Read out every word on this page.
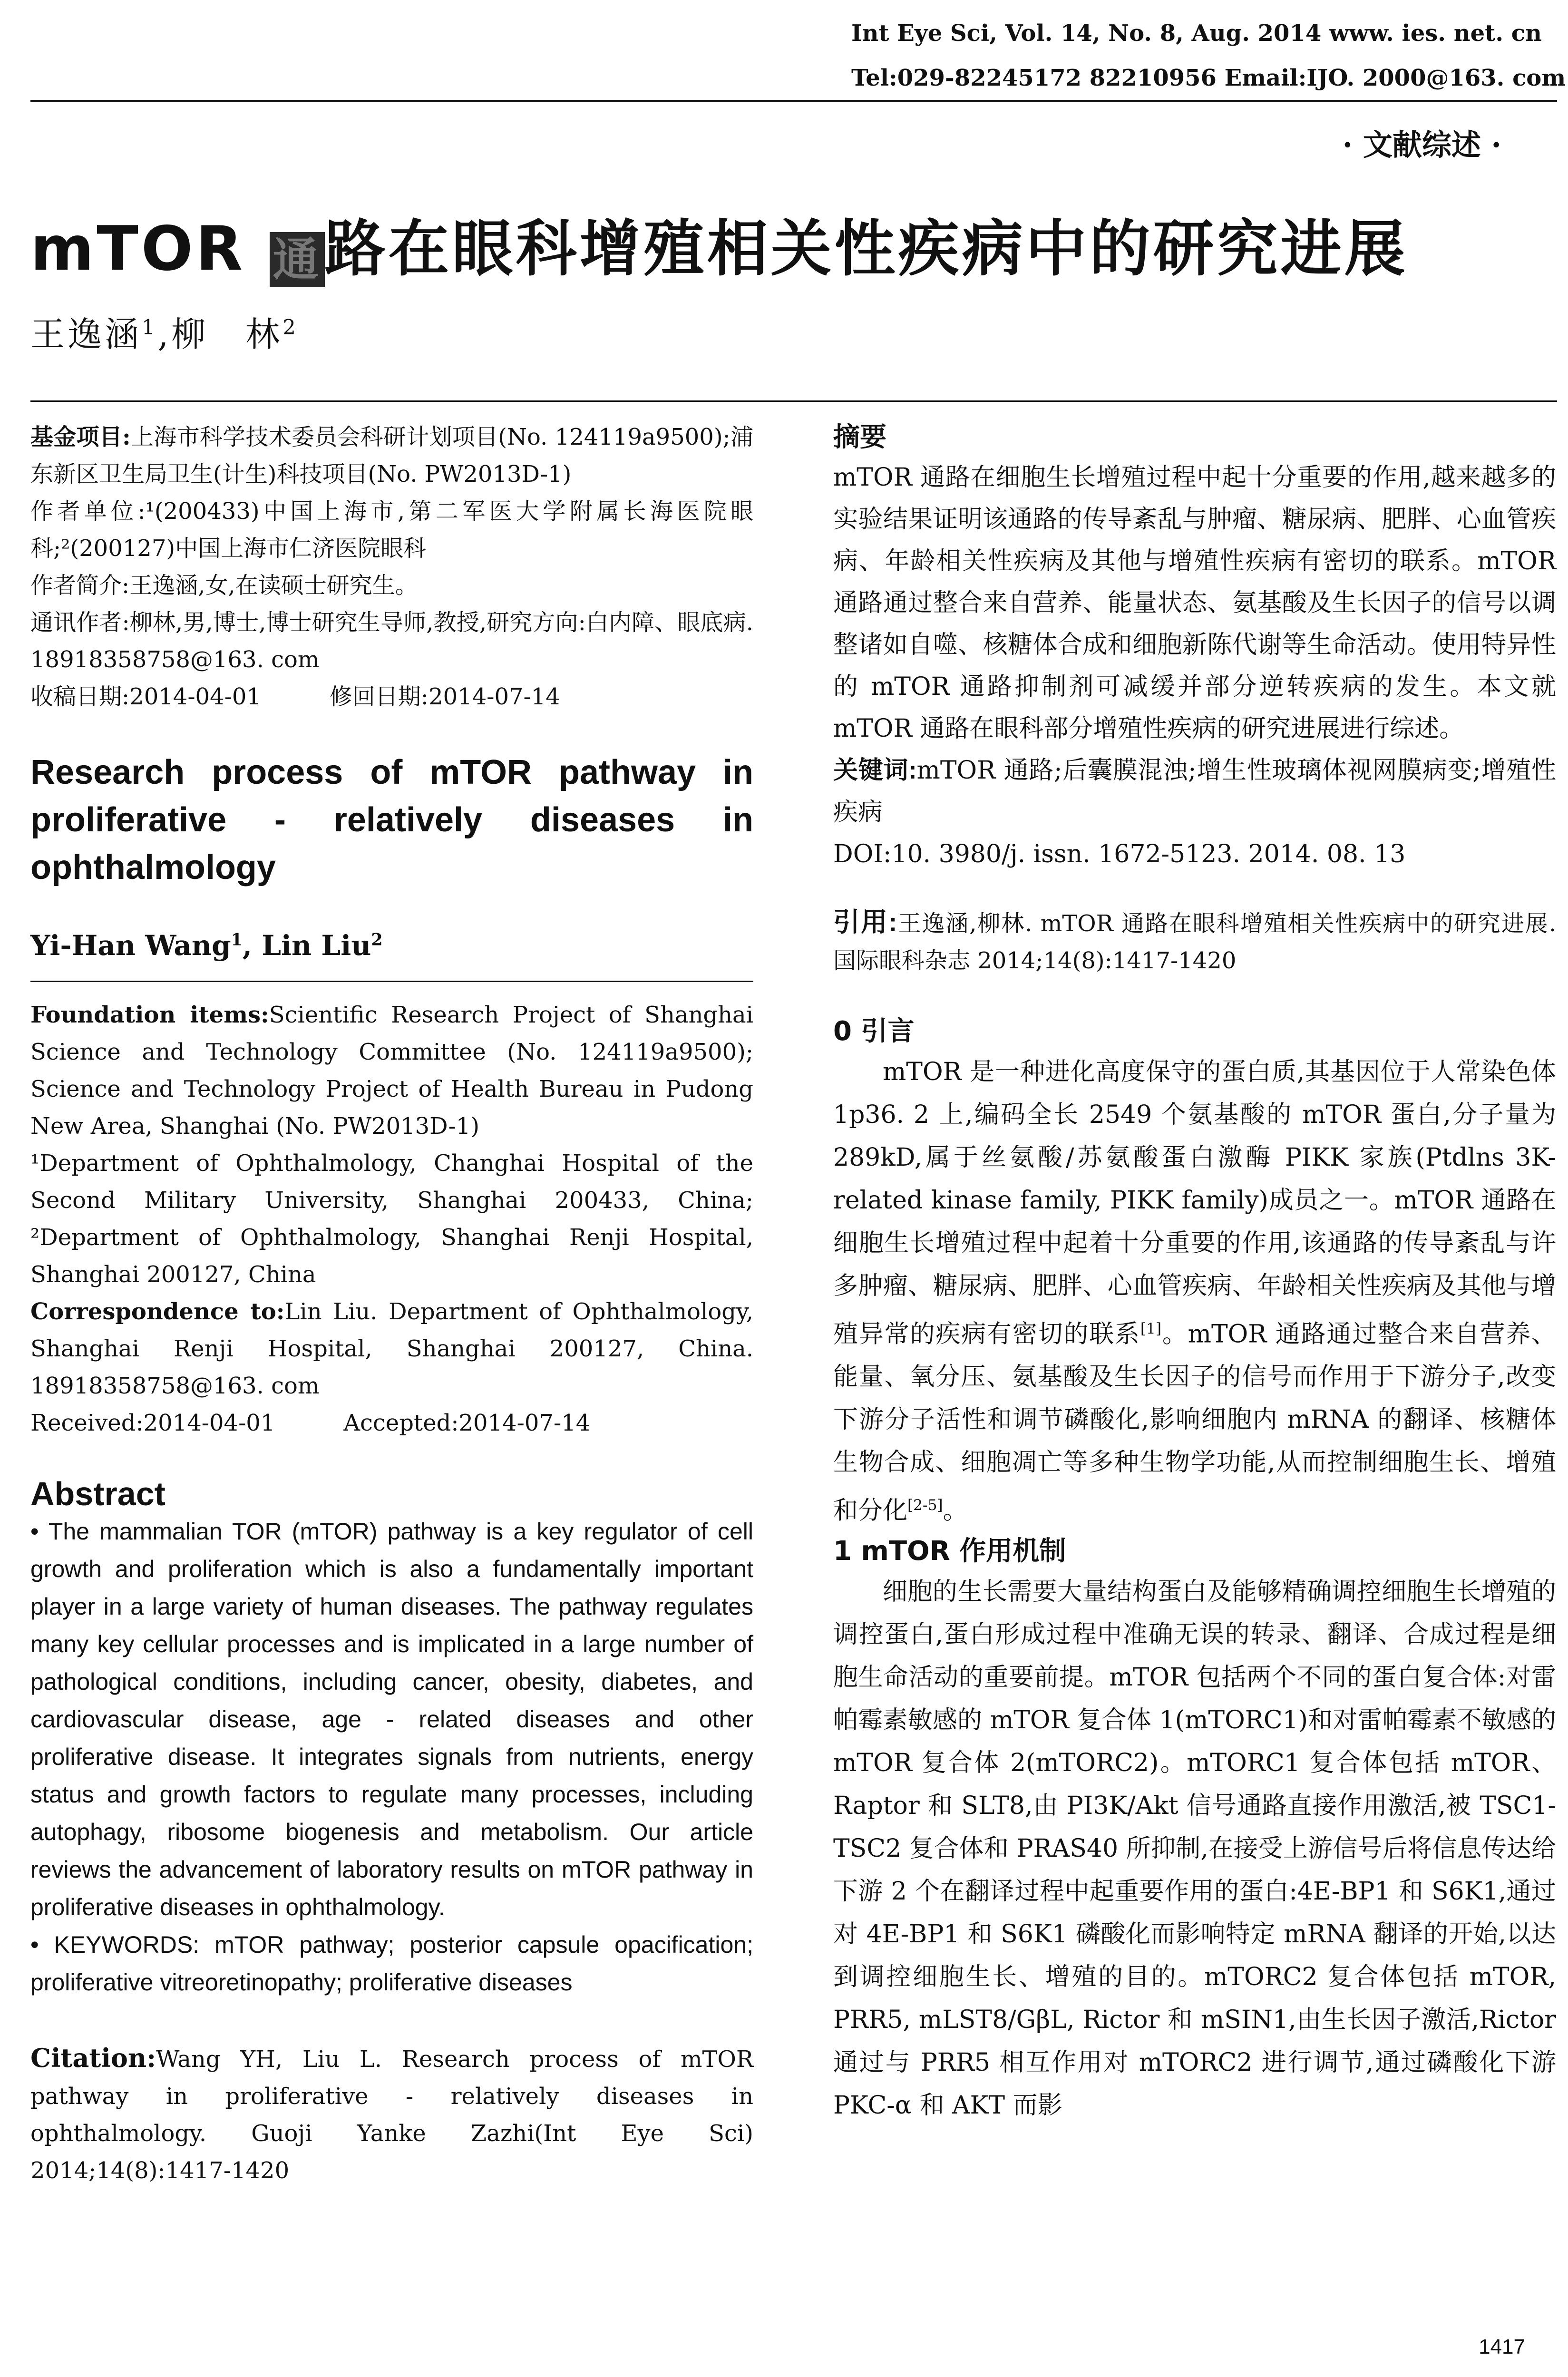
Int Eye Sci, Vol. 14, No. 8, Aug. 2014 www. ies. net. cn
Tel:029-82245172 82210956 Email:IJO. 2000@163. com
· 文献综述 ·
mTOR 通路在眼科增殖相关性疾病中的研究进展
王逸涵$^1$,柳　林$^2$

基金项目:上海市科学技术委员会科研计划项目(No. 124119a9500);浦东新区卫生局卫生(计生)科技项目(No. PW2013D-1)

作者单位:¹(200433)中国上海市,第二军医大学附属长海医院眼科;²(200127)中国上海市仁济医院眼科

作者简介:王逸涵,女,在读硕士研究生。

通讯作者:柳林,男,博士,博士研究生导师,教授,研究方向:白内障、眼底病. 18918358758@163. com

收稿日期:2014-04-01　　　修回日期:2014-07-14

Research process of mTOR pathway in proliferative - relatively diseases in ophthalmology

Yi-Han Wang$^1$, Lin Liu$^2$

Foundation items:Scientific Research Project of Shanghai Science and Technology Committee (No. 124119a9500); Science and Technology Project of Health Bureau in Pudong New Area, Shanghai (No. PW2013D-1)

¹Department of Ophthalmology, Changhai Hospital of the Second Military University, Shanghai 200433, China; ²Department of Ophthalmology, Shanghai Renji Hospital, Shanghai 200127, China

Correspondence to:Lin Liu. Department of Ophthalmology, Shanghai Renji Hospital, Shanghai 200127, China. 18918358758@163. com

Received:2014-04-01　　　Accepted:2014-07-14

Abstract

• The mammalian TOR (mTOR) pathway is a key regulator of cell growth and proliferation which is also a fundamentally important player in a large variety of human diseases. The pathway regulates many key cellular processes and is implicated in a large number of pathological conditions, including cancer, obesity, diabetes, and cardiovascular disease, age - related diseases and other proliferative disease. It integrates signals from nutrients, energy status and growth factors to regulate many processes, including autophagy, ribosome biogenesis and metabolism. Our article reviews the advancement of laboratory results on mTOR pathway in proliferative diseases in ophthalmology.

• KEYWORDS: mTOR pathway; posterior capsule opacification; proliferative vitreoretinopathy; proliferative diseases

Citation:Wang YH, Liu L. Research process of mTOR pathway in proliferative - relatively diseases in ophthalmology. Guoji Yanke Zazhi(Int Eye Sci) 2014;14(8):1417-1420

摘要

mTOR 通路在细胞生长增殖过程中起十分重要的作用,越来越多的实验结果证明该通路的传导紊乱与肿瘤、糖尿病、肥胖、心血管疾病、年龄相关性疾病及其他与增殖性疾病有密切的联系。mTOR 通路通过整合来自营养、能量状态、氨基酸及生长因子的信号以调整诸如自噬、核糖体合成和细胞新陈代谢等生命活动。使用特异性的 mTOR 通路抑制剂可减缓并部分逆转疾病的发生。本文就 mTOR 通路在眼科部分增殖性疾病的研究进展进行综述。

关键词:mTOR 通路;后囊膜混浊;增生性玻璃体视网膜病变;增殖性疾病

DOI:10. 3980/j. issn. 1672-5123. 2014. 08. 13

引用:王逸涵,柳林. mTOR 通路在眼科增殖相关性疾病中的研究进展. 国际眼科杂志 2014;14(8):1417-1420

0 引言

mTOR 是一种进化高度保守的蛋白质,其基因位于人常染色体 1p36. 2 上,编码全长 2549 个氨基酸的 mTOR 蛋白,分子量为 289kD,属于丝氨酸/苏氨酸蛋白激酶 PIKK 家族(Ptdlns 3K-related kinase family, PIKK family)成员之一。mTOR 通路在细胞生长增殖过程中起着十分重要的作用,该通路的传导紊乱与许多肿瘤、糖尿病、肥胖、心血管疾病、年龄相关性疾病及其他与增殖异常的疾病有密切的联系[1]。mTOR 通路通过整合来自营养、能量、氧分压、氨基酸及生长因子的信号而作用于下游分子,改变下游分子活性和调节磷酸化,影响细胞内 mRNA 的翻译、核糖体生物合成、细胞凋亡等多种生物学功能,从而控制细胞生长、增殖和分化[2-5]。

1 mTOR 作用机制

细胞的生长需要大量结构蛋白及能够精确调控细胞生长增殖的调控蛋白,蛋白形成过程中准确无误的转录、翻译、合成过程是细胞生命活动的重要前提。mTOR 包括两个不同的蛋白复合体:对雷帕霉素敏感的 mTOR 复合体 1(mTORC1)和对雷帕霉素不敏感的 mTOR 复合体 2(mTORC2)。mTORC1 复合体包括 mTOR、Raptor 和 SLT8,由 PI3K/Akt 信号通路直接作用激活,被 TSC1-TSC2 复合体和 PRAS40 所抑制,在接受上游信号后将信息传达给下游 2 个在翻译过程中起重要作用的蛋白:4E-BP1 和 S6K1,通过对 4E-BP1 和 S6K1 磷酸化而影响特定 mRNA 翻译的开始,以达到调控细胞生长、增殖的目的。mTORC2 复合体包括 mTOR, PRR5, mLST8/GβL, Rictor 和 mSIN1,由生长因子激活,Rictor 通过与 PRR5 相互作用对 mTORC2 进行调节,通过磷酸化下游 PKC-α 和 AKT 而影

1417
